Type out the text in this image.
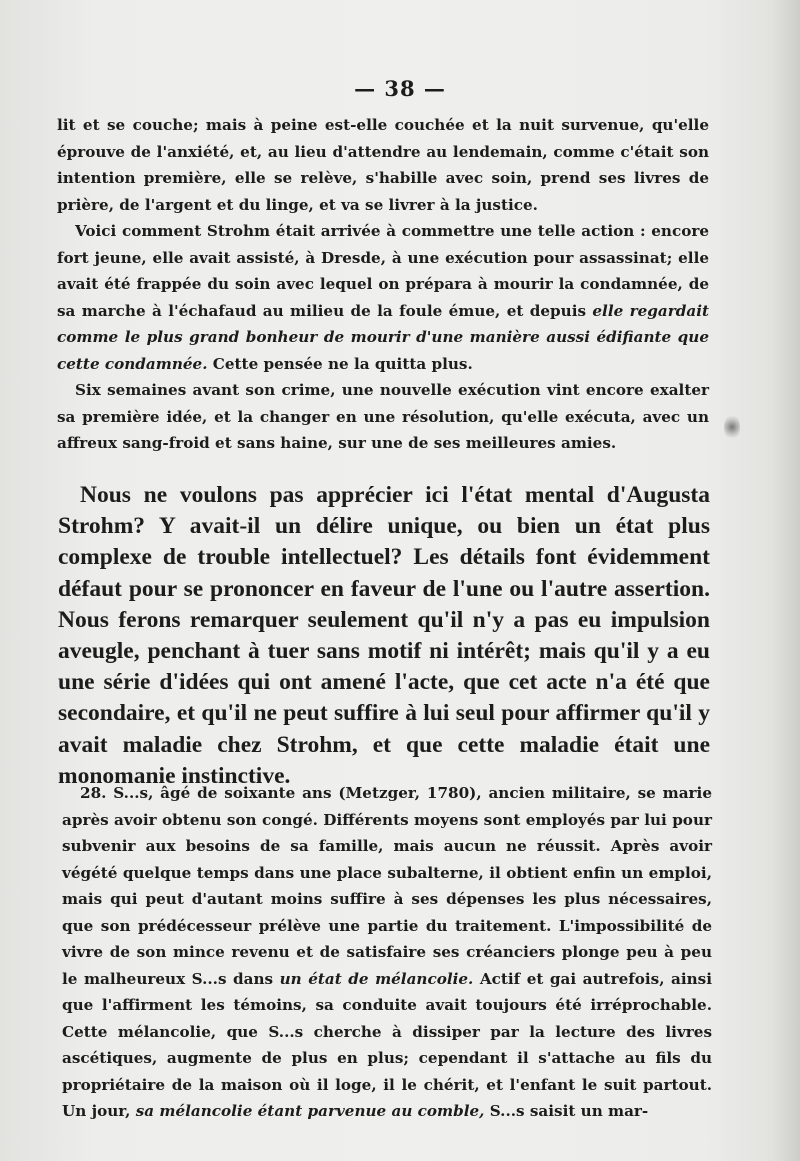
— 38 —

lit et se couche; mais à peine est-elle couchée et la nuit survenue, qu'elle éprouve de l'anxiété, et, au lieu d'attendre au lendemain, comme c'était son intention première, elle se relève, s'habille avec soin, prend ses livres de prière, de l'argent et du linge, et va se livrer à la justice.

Voici comment Strohm était arrivée à commettre une telle action : encore fort jeune, elle avait assisté, à Dresde, à une exécution pour assassinat; elle avait été frappée du soin avec lequel on prépara à mourir la condamnée, de sa marche à l'échafaud au milieu de la foule émue, et depuis elle regardait comme le plus grand bonheur de mourir d'une manière aussi édifiante que cette condamnée. Cette pensée ne la quitta plus.

Six semaines avant son crime, une nouvelle exécution vint encore exalter sa première idée, et la changer en une résolution, qu'elle exécuta, avec un affreux sang-froid et sans haine, sur une de ses meilleures amies.

Nous ne voulons pas apprécier ici l'état mental d'Augusta Strohm? Y avait-il un délire unique, ou bien un état plus complexe de trouble intellectuel? Les détails font évidemment défaut pour se prononcer en faveur de l'une ou l'autre assertion. Nous ferons remarquer seulement qu'il n'y a pas eu impulsion aveugle, penchant à tuer sans motif ni intérêt; mais qu'il y a eu une série d'idées qui ont amené l'acte, que cet acte n'a été que secondaire, et qu'il ne peut suffire à lui seul pour affirmer qu'il y avait maladie chez Strohm, et que cette maladie était une monomanie instinctive.

28. S...s, âgé de soixante ans (Metzger, 1780), ancien militaire, se marie après avoir obtenu son congé. Différents moyens sont employés par lui pour subvenir aux besoins de sa famille, mais aucun ne réussit. Après avoir végété quelque temps dans une place subalterne, il obtient enfin un emploi, mais qui peut d'autant moins suffire à ses dépenses les plus nécessaires, que son prédécesseur prélève une partie du traitement. L'impossibilité de vivre de son mince revenu et de satisfaire ses créanciers plonge peu à peu le malheureux S...s dans un état de mélancolie. Actif et gai autrefois, ainsi que l'affirment les témoins, sa conduite avait toujours été irréprochable. Cette mélancolie, que S...s cherche à dissiper par la lecture des livres ascétiques, augmente de plus en plus; cependant il s'attache au fils du propriétaire de la maison où il loge, il le chérit, et l'enfant le suit partout. Un jour, sa mélancolie étant parvenue au comble, S...s saisit un mar-
